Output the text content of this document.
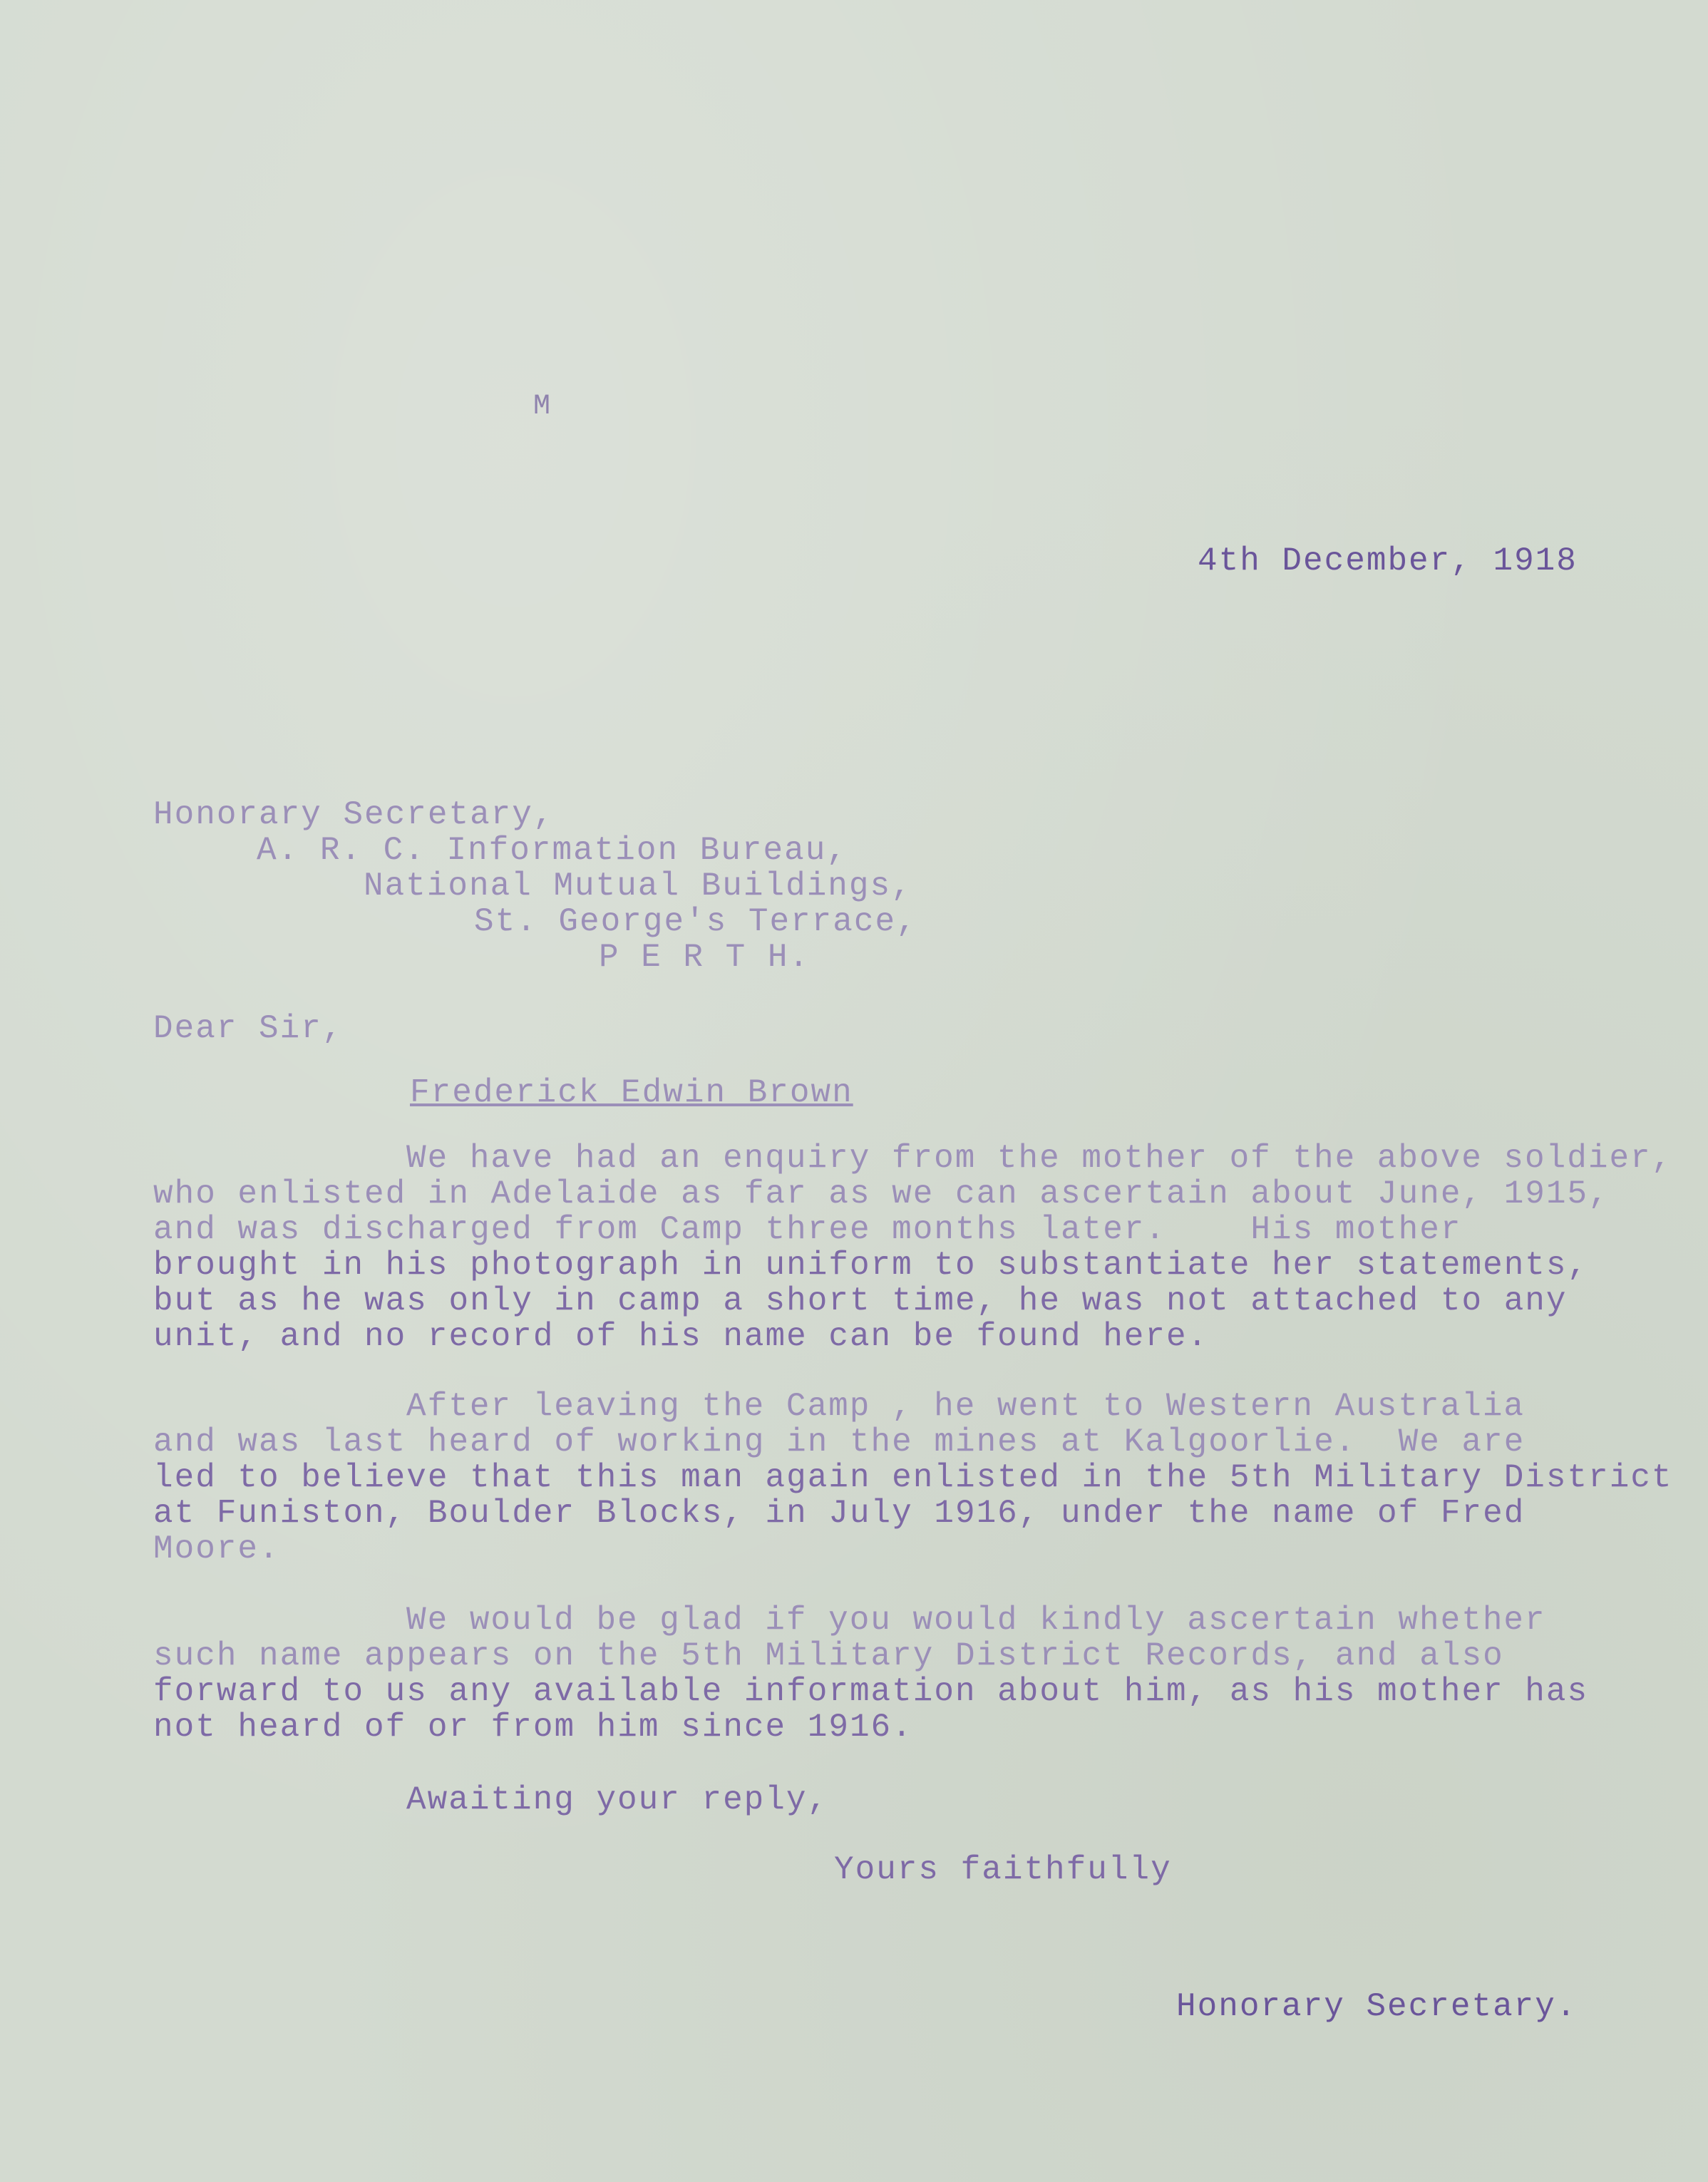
M
4th December, 1918
Honorary Secretary,
A. R. C. Information Bureau,
National Mutual Buildings,
St. George's Terrace,
P E R T H.
Dear Sir,
Frederick Edwin Brown
We have had an enquiry from the mother of the above soldier,
who enlisted in Adelaide as far as we can ascertain about June, 1915,
and was discharged from Camp three months later.    His mother
brought in his photograph in uniform to substantiate her statements,
but as he was only in camp a short time, he was not attached to any
unit, and no record of his name can be found here.
After leaving the Camp , he went to Western Australia
and was last heard of working in the mines at Kalgoorlie.  We are
led to believe that this man again enlisted in the 5th Military District
at Funiston, Boulder Blocks, in July 1916, under the name of Fred
Moore.
We would be glad if you would kindly ascertain whether
such name appears on the 5th Military District Records, and also
forward to us any available information about him, as his mother has
not heard of or from him since 1916.
Awaiting your reply,
Yours faithfully
Honorary Secretary.
